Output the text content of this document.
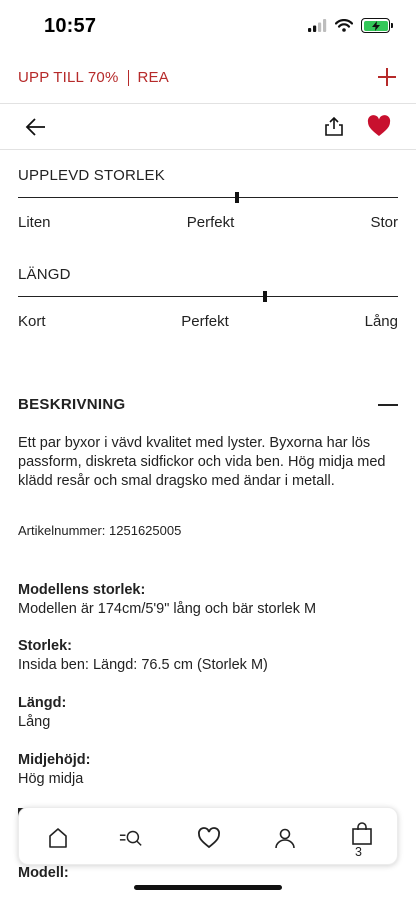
10:57
UPP TILL 70% REA
UPPLEVD STORLEK
Liten	Perfekt	Stor
LÄNGD
Kort	Perfekt	Lång
BESKRIVNING
Ett par byxor i vävd kvalitet med lyster. Byxorna har lös passform, diskreta sidfickor och vida ben. Hög midja med klädd resår och smal dragsko med ändar i metall.
Artikelnummer: 1251625005
Modellens storlek:
Modellen är 174cm/5'9" lång och bär storlek M
Storlek:
Insida ben: Längd: 76.5 cm (Storlek M)
Längd:
Lång
Midjehöjd:
Hög midja
Modell:
3
